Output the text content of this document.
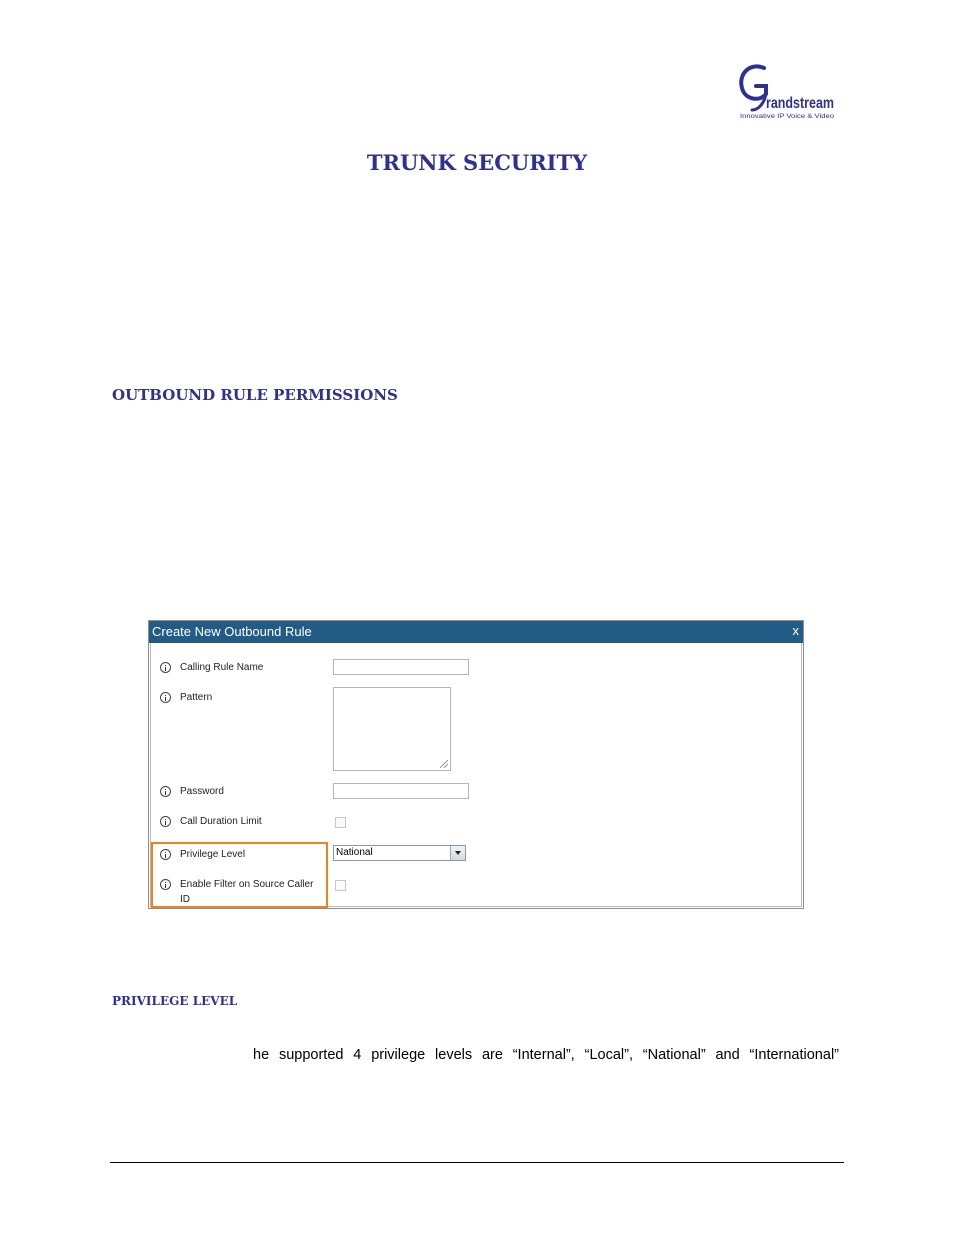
randstream
Innovative IP Voice & Video
TRUNK SECURITY
OUTBOUND RULE PERMISSIONS
Create New Outbound Rule	x
Calling Rule Name
Pattern
Password
Call Duration Limit
Privilege Level	National
Enable Filter on Source Caller ID
PRIVILEGE LEVEL

he supported 4 privilege levels are “Internal”, “Local”, “National” and “International”
